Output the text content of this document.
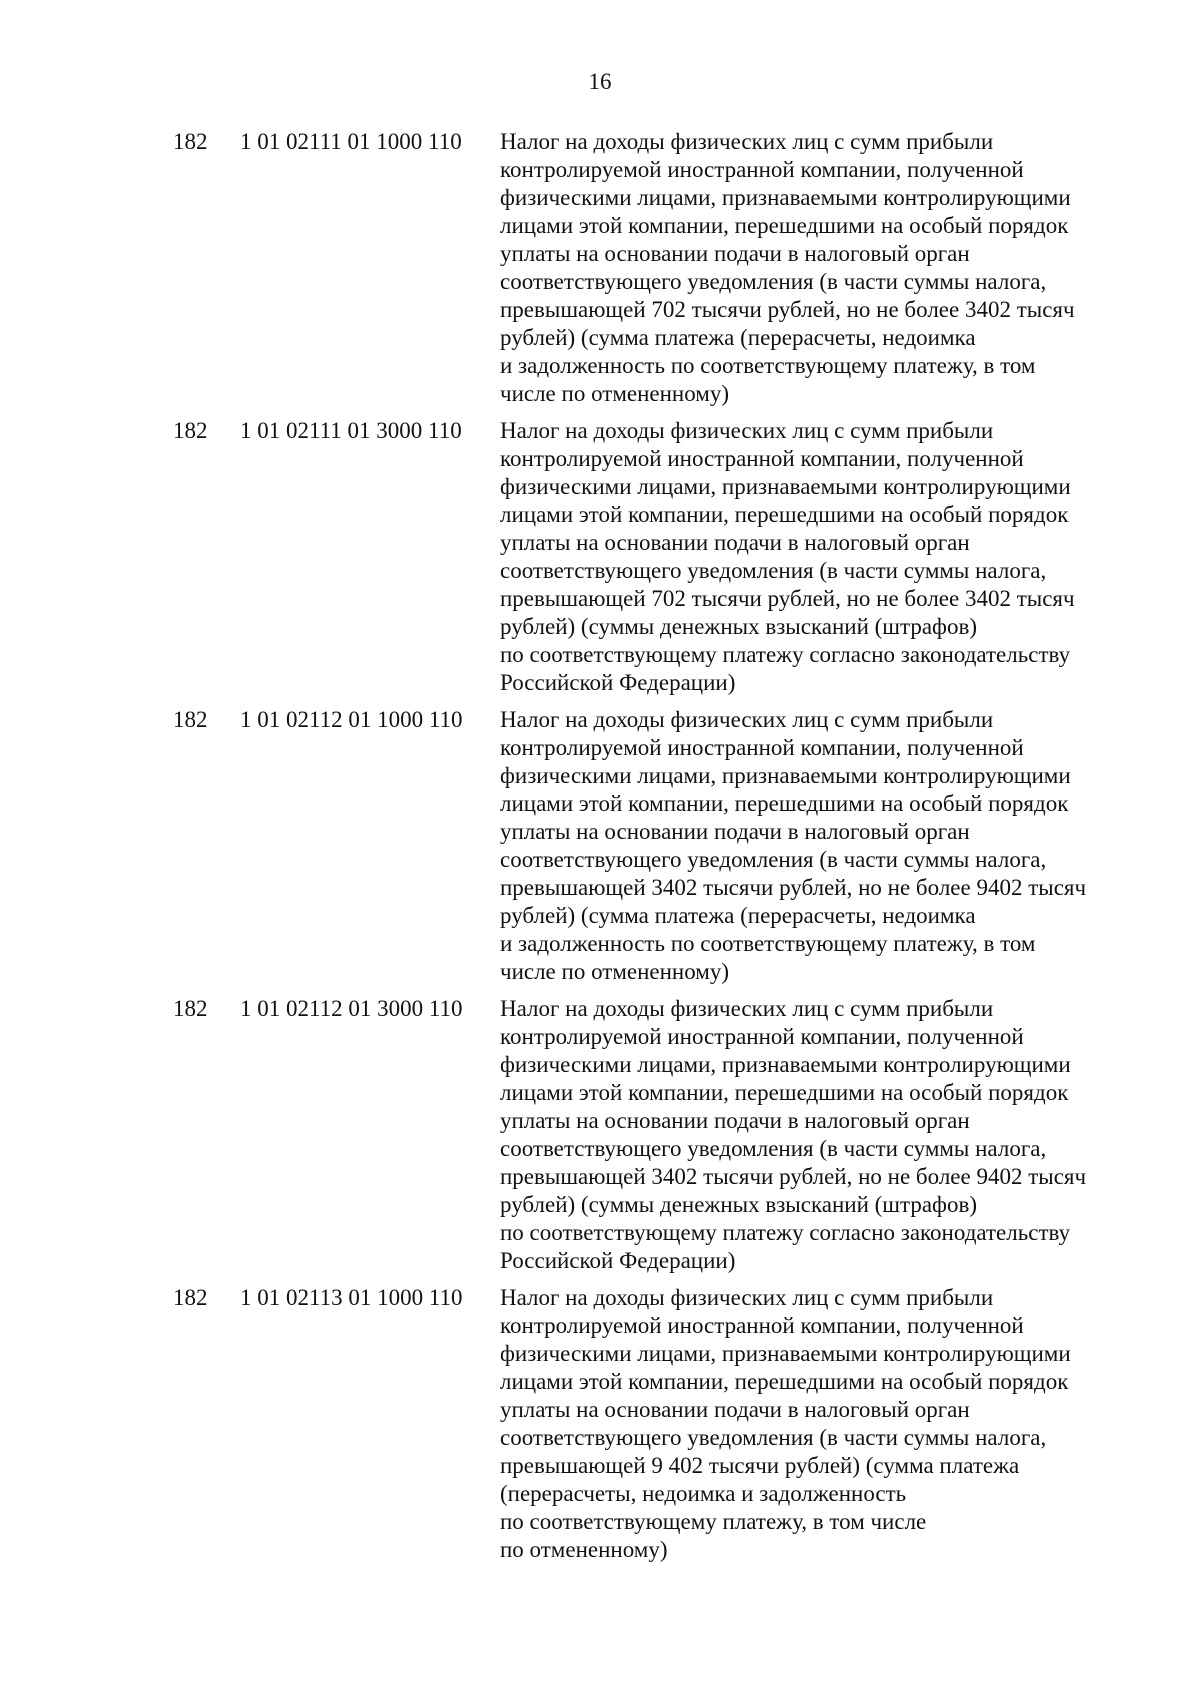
16
182 1 01 02111 01 1000 110 Налог на доходы физических лиц с сумм прибыли
контролируемой иностранной компании, полученной
физическими лицами, признаваемыми контролирующими
лицами этой компании, перешедшими на особый порядок
уплаты на основании подачи в налоговый орган
соответствующего уведомления (в части суммы налога,
превышающей 702 тысячи рублей, но не более 3402 тысяч
рублей) (сумма платежа (перерасчеты, недоимка
и задолженность по соответствующему платежу, в том
числе по отмененному)
182 1 01 02111 01 3000 110 Налог на доходы физических лиц с сумм прибыли
контролируемой иностранной компании, полученной
физическими лицами, признаваемыми контролирующими
лицами этой компании, перешедшими на особый порядок
уплаты на основании подачи в налоговый орган
соответствующего уведомления (в части суммы налога,
превышающей 702 тысячи рублей, но не более 3402 тысяч
рублей) (суммы денежных взысканий (штрафов)
по соответствующему платежу согласно законодательству
Российской Федерации)
182 1 01 02112 01 1000 110 Налог на доходы физических лиц с сумм прибыли
контролируемой иностранной компании, полученной
физическими лицами, признаваемыми контролирующими
лицами этой компании, перешедшими на особый порядок
уплаты на основании подачи в налоговый орган
соответствующего уведомления (в части суммы налога,
превышающей 3402 тысячи рублей, но не более 9402 тысяч
рублей) (сумма платежа (перерасчеты, недоимка
и задолженность по соответствующему платежу, в том
числе по отмененному)
182 1 01 02112 01 3000 110 Налог на доходы физических лиц с сумм прибыли
контролируемой иностранной компании, полученной
физическими лицами, признаваемыми контролирующими
лицами этой компании, перешедшими на особый порядок
уплаты на основании подачи в налоговый орган
соответствующего уведомления (в части суммы налога,
превышающей 3402 тысячи рублей, но не более 9402 тысяч
рублей) (суммы денежных взысканий (штрафов)
по соответствующему платежу согласно законодательству
Российской Федерации)
182 1 01 02113 01 1000 110 Налог на доходы физических лиц с сумм прибыли
контролируемой иностранной компании, полученной
физическими лицами, признаваемыми контролирующими
лицами этой компании, перешедшими на особый порядок
уплаты на основании подачи в налоговый орган
соответствующего уведомления (в части суммы налога,
превышающей 9 402 тысячи рублей) (сумма платежа
(перерасчеты, недоимка и задолженность
по соответствующему платежу, в том числе
по отмененному)
